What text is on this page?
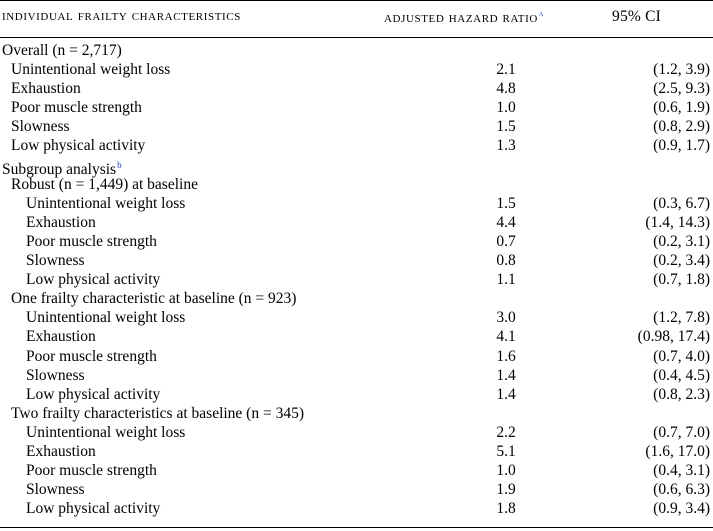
individual frailty characteristics	adjusted hazard ratio$^a$	95% CI
Overall (n = 2,717)
Unintentional weight loss	2.1	(1.2, 3.9)
Exhaustion	4.8	(2.5, 9.3)
Poor muscle strength	1.0	(0.6, 1.9)
Slowness	1.5	(0.8, 2.9)
Low physical activity	1.3	(0.9, 1.7)
Subgroup analysis$^b$
Robust (n = 1,449) at baseline
Unintentional weight loss	1.5	(0.3, 6.7)
Exhaustion	4.4	(1.4, 14.3)
Poor muscle strength	0.7	(0.2, 3.1)
Slowness	0.8	(0.2, 3.4)
Low physical activity	1.1	(0.7, 1.8)
One frailty characteristic at baseline (n = 923)
Unintentional weight loss	3.0	(1.2, 7.8)
Exhaustion	4.1	(0.98, 17.4)
Poor muscle strength	1.6	(0.7, 4.0)
Slowness	1.4	(0.4, 4.5)
Low physical activity	1.4	(0.8, 2.3)
Two frailty characteristics at baseline (n = 345)
Unintentional weight loss	2.2	(0.7, 7.0)
Exhaustion	5.1	(1.6, 17.0)
Poor muscle strength	1.0	(0.4, 3.1)
Slowness	1.9	(0.6, 6.3)
Low physical activity	1.8	(0.9, 3.4)
